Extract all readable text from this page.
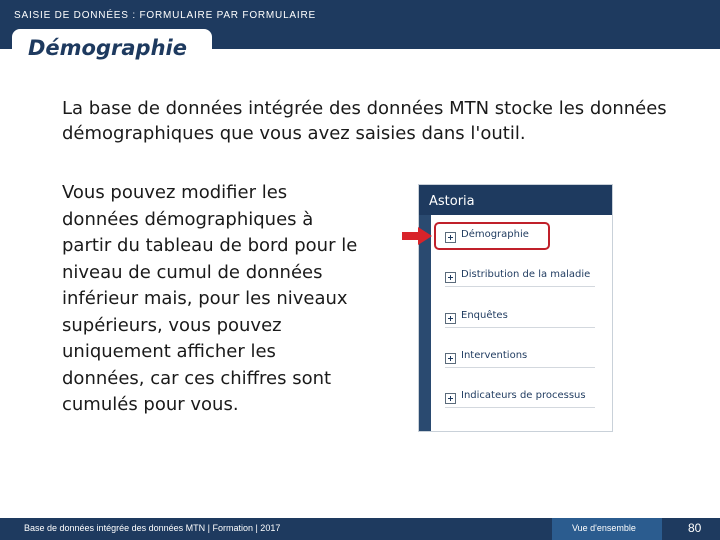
SAISIE DE DONNÉES : FORMULAIRE PAR FORMULAIRE
Démographie

La base de données intégrée des données MTN stocke les données démographiques que vous avez saisies dans l'outil.

Vous pouvez modifier les données démographiques à partir du tableau de bord pour le niveau de cumul de données inférieur mais, pour les niveaux supérieurs, vous pouvez uniquement afficher les données, car ces chiffres sont cumulés pour vous.

Astoria
Démographie
Distribution de la maladie
Enquêtes
Interventions
Indicateurs de processus
Base de données intégrée des données MTN | Formation | 2017	Vue d'ensemble	80
